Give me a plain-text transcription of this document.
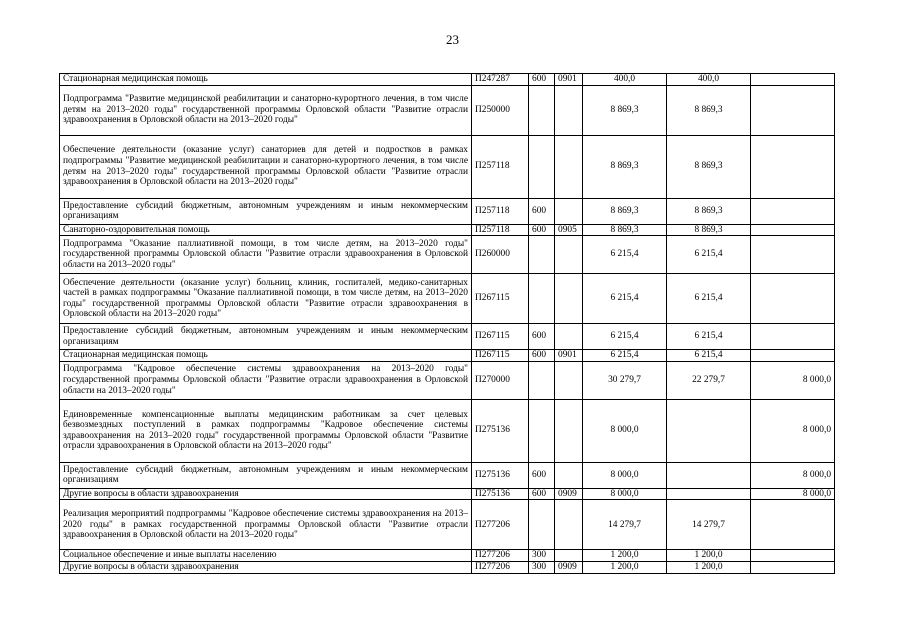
23
Стационарная медицинская помощь	П247287	600	0901	400,0	400,0	
Подпрограмма "Развитие медицинской реабилитации и санаторно-курортного лечения, в том числе детям на 2013–2020 годы" государственной программы Орловской области "Развитие отрасли здравоохранения в Орловской области на 2013–2020 годы"	П250000			8 869,3	8 869,3	
Обеспечение деятельности (оказание услуг) санаториев для детей и подростков в рамках подпрограммы "Развитие медицинской реабилитации и санаторно-курортного лечения, в том числе детям на 2013–2020 годы" государственной программы Орловской области "Развитие отрасли здравоохранения в Орловской области на 2013–2020 годы"	П257118			8 869,3	8 869,3	
Предоставление субсидий бюджетным, автономным учреждениям и иным некоммерческим организациям	П257118	600		8 869,3	8 869,3	
Санаторно-оздоровительная помощь	П257118	600	0905	8 869,3	8 869,3	
Подпрограмма "Оказание паллиативной помощи, в том числе детям, на 2013–2020 годы" государственной программы Орловской области "Развитие отрасли здравоохранения в Орловской области на 2013–2020 годы"	П260000			6 215,4	6 215,4	
Обеспечение деятельности (оказание услуг) больниц, клиник, госпиталей, медико-санитарных частей в рамках подпрограммы "Оказание паллиативной помощи, в том числе детям, на 2013–2020 годы" государственной программы Орловской области "Развитие отрасли здравоохранения в Орловской области на 2013–2020 годы"	П267115			6 215,4	6 215,4	
Предоставление субсидий бюджетным, автономным учреждениям и иным некоммерческим организациям	П267115	600		6 215,4	6 215,4	
Стационарная медицинская помощь	П267115	600	0901	6 215,4	6 215,4	
Подпрограмма "Кадровое обеспечение системы здравоохранения на 2013–2020 годы" государственной программы Орловской области "Развитие отрасли здравоохранения в Орловской области на 2013–2020 годы"	П270000			30 279,7	22 279,7	8 000,0
Единовременные компенсационные выплаты медицинским работникам за счет целевых безвозмездных поступлений в рамках подпрограммы "Кадровое обеспечение системы здравоохранения на 2013–2020 годы" государственной программы Орловской области "Развитие отрасли здравоохранения в Орловской области на 2013–2020 годы"	П275136			8 000,0		8 000,0
Предоставление субсидий бюджетным, автономным учреждениям и иным некоммерческим организациям	П275136	600		8 000,0		8 000,0
Другие вопросы в области здравоохранения	П275136	600	0909	8 000,0		8 000,0
Реализация мероприятий подпрограммы "Кадровое обеспечение системы здравоохранения на 2013–2020 годы" в рамках государственной программы Орловской области "Развитие отрасли здравоохранения в Орловской области на 2013–2020 годы"	П277206			14 279,7	14 279,7	
Социальное обеспечение и иные выплаты населению	П277206	300		1 200,0	1 200,0	
Другие вопросы в области здравоохранения	П277206	300	0909	1 200,0	1 200,0	
